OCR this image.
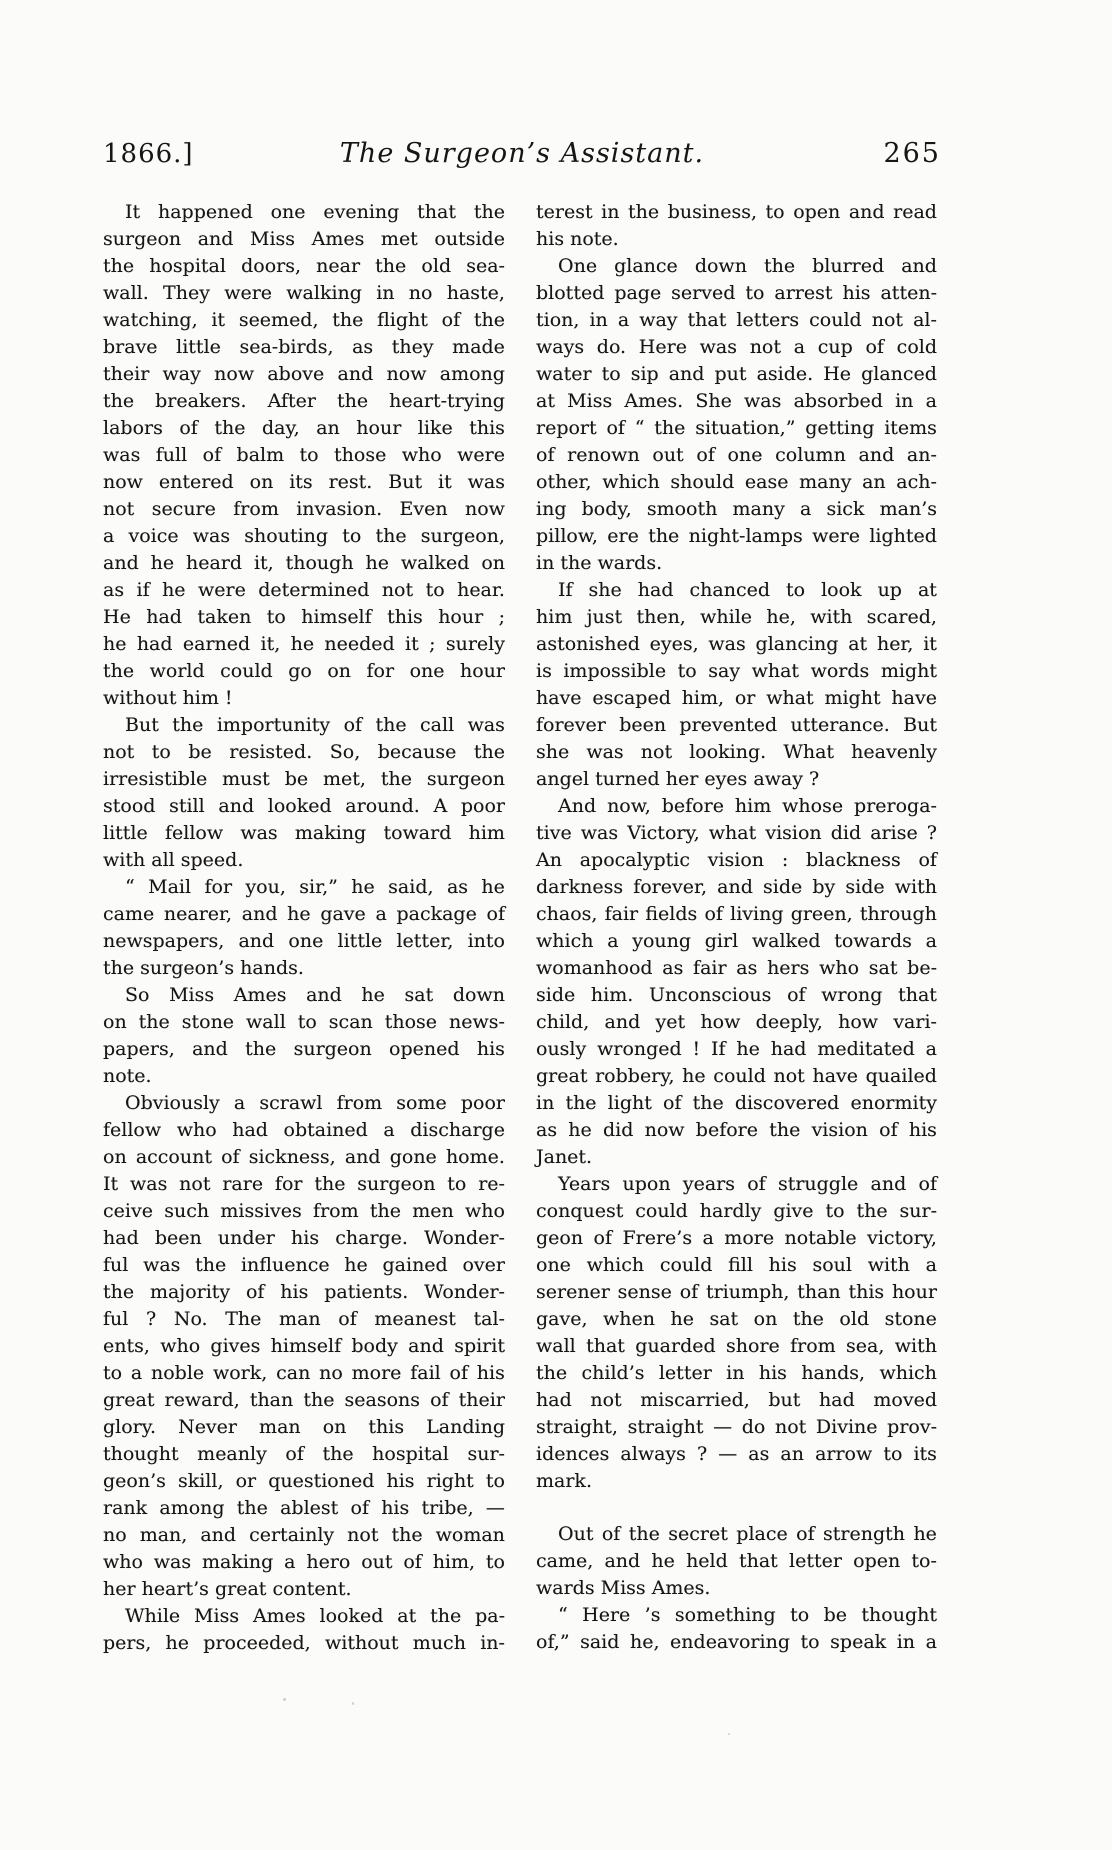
1866.]	The Surgeon’s Assistant.	265
It happened one evening that the
surgeon and Miss Ames met outside
the hospital doors, near the old sea-
wall. They were walking in no haste,
watching, it seemed, the flight of the
brave little sea-birds, as they made
their way now above and now among
the breakers. After the heart-trying
labors of the day, an hour like this
was full of balm to those who were
now entered on its rest. But it was
not secure from invasion. Even now
a voice was shouting to the surgeon,
and he heard it, though he walked on
as if he were determined not to hear.
He had taken to himself this hour ;
he had earned it, he needed it ; surely
the world could go on for one hour
without him !
But the importunity of the call was
not to be resisted. So, because the
irresistible must be met, the surgeon
stood still and looked around. A poor
little fellow was making toward him
with all speed.
“ Mail for you, sir,” he said, as he
came nearer, and he gave a package of
newspapers, and one little letter, into
the surgeon’s hands.
So Miss Ames and he sat down
on the stone wall to scan those news-
papers, and the surgeon opened his
note.
Obviously a scrawl from some poor
fellow who had obtained a discharge
on account of sickness, and gone home.
It was not rare for the surgeon to re-
ceive such missives from the men who
had been under his charge. Wonder-
ful was the influence he gained over
the majority of his patients. Wonder-
ful ? No. The man of meanest tal-
ents, who gives himself body and spirit
to a noble work, can no more fail of his
great reward, than the seasons of their
glory. Never man on this Landing
thought meanly of the hospital sur-
geon’s skill, or questioned his right to
rank among the ablest of his tribe, —
no man, and certainly not the woman
who was making a hero out of him, to
her heart’s great content.
While Miss Ames looked at the pa-
pers, he proceeded, without much in-
terest in the business, to open and read
his note.
One glance down the blurred and
blotted page served to arrest his atten-
tion, in a way that letters could not al-
ways do. Here was not a cup of cold
water to sip and put aside. He glanced
at Miss Ames. She was absorbed in a
report of “ the situation,” getting items
of renown out of one column and an-
other, which should ease many an ach-
ing body, smooth many a sick man’s
pillow, ere the night-lamps were lighted
in the wards.
If she had chanced to look up at
him just then, while he, with scared,
astonished eyes, was glancing at her, it
is impossible to say what words might
have escaped him, or what might have
forever been prevented utterance. But
she was not looking. What heavenly
angel turned her eyes away ?
And now, before him whose preroga-
tive was Victory, what vision did arise ?
An apocalyptic vision : blackness of
darkness forever, and side by side with
chaos, fair fields of living green, through
which a young girl walked towards a
womanhood as fair as hers who sat be-
side him. Unconscious of wrong that
child, and yet how deeply, how vari-
ously wronged ! If he had meditated a
great robbery, he could not have quailed
in the light of the discovered enormity
as he did now before the vision of his
Janet.
Years upon years of struggle and of
conquest could hardly give to the sur-
geon of Frere’s a more notable victory,
one which could fill his soul with a
serener sense of triumph, than this hour
gave, when he sat on the old stone
wall that guarded shore from sea, with
the child’s letter in his hands, which
had not miscarried, but had moved
straight, straight — do not Divine prov-
idences always ? — as an arrow to its
mark.
Out of the secret place of strength he
came, and he held that letter open to-
wards Miss Ames.
“ Here ’s something to be thought
of,” said he, endeavoring to speak in a
